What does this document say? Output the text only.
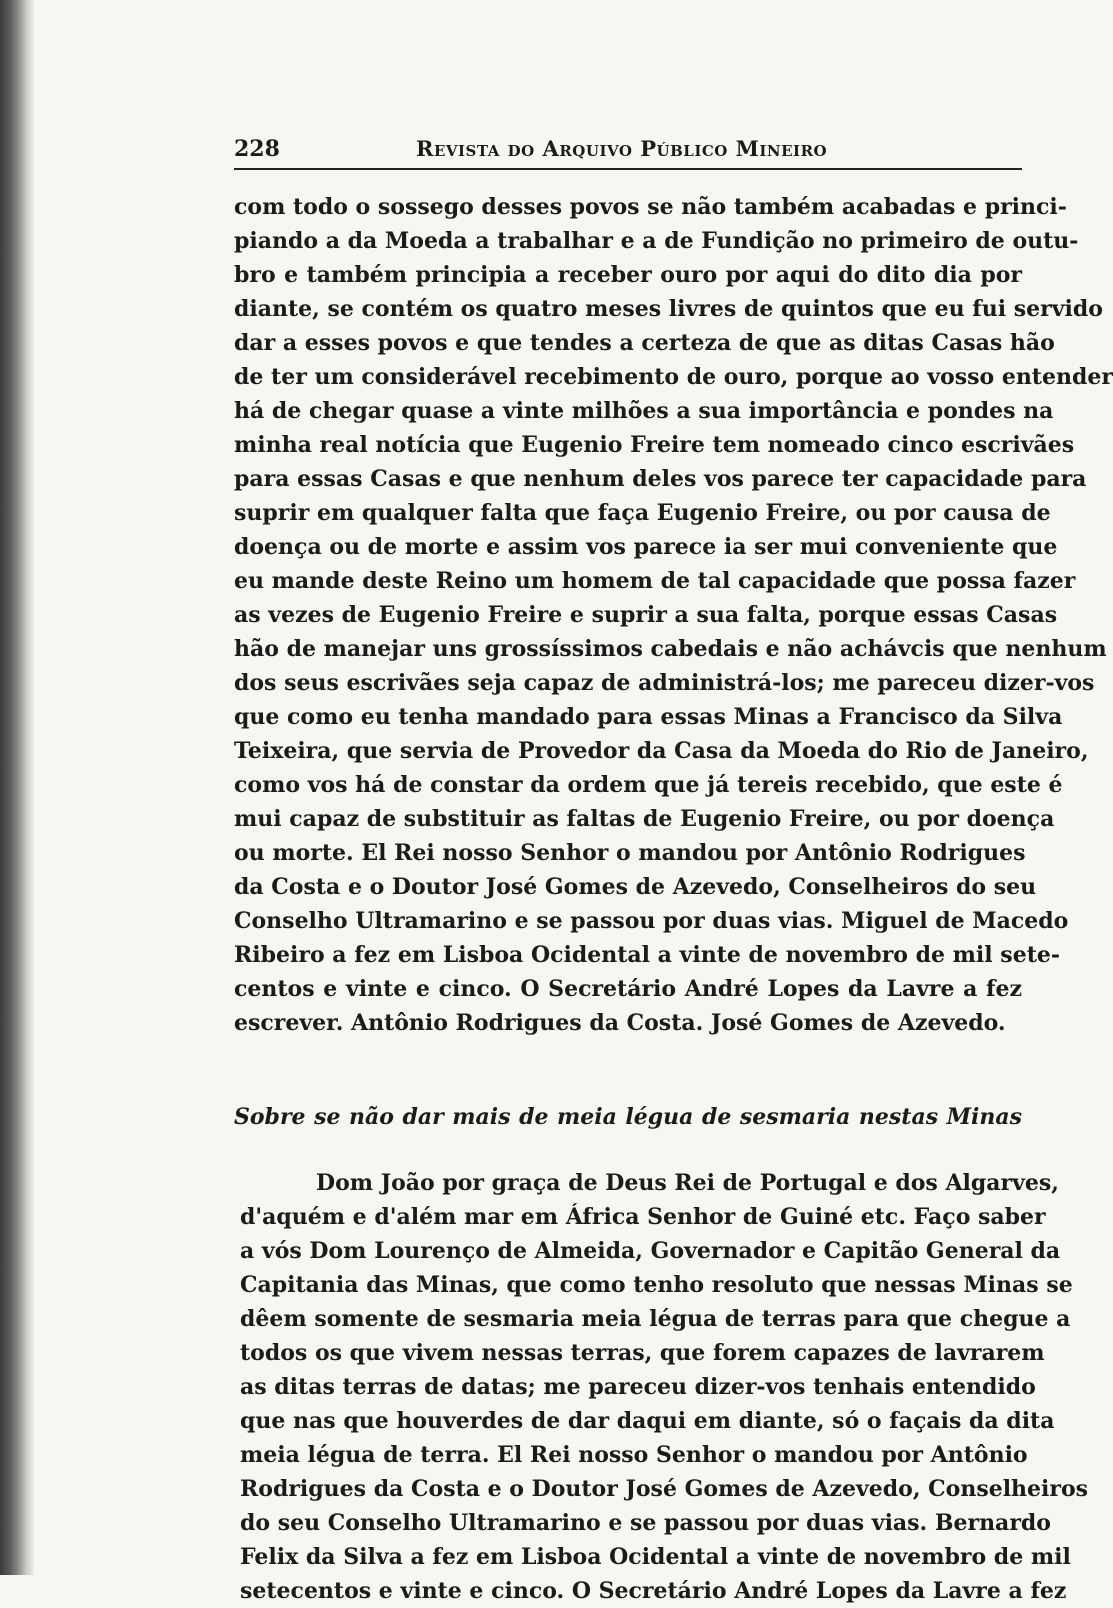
228	Revista do Arquivo Público Mineiro
com todo o sossego desses povos se não também acabadas e princi-
piando a da Moeda a trabalhar e a de Fundição no primeiro de outu-
bro e também principia a receber ouro por aqui do dito dia por
diante, se contém os quatro meses livres de quintos que eu fui servido
dar a esses povos e que tendes a certeza de que as ditas Casas hão
de ter um considerável recebimento de ouro, porque ao vosso entender
há de chegar quase a vinte milhões a sua importância e pondes na
minha real notícia que Eugenio Freire tem nomeado cinco escrivães
para essas Casas e que nenhum deles vos parece ter capacidade para
suprir em qualquer falta que faça Eugenio Freire, ou por causa de
doença ou de morte e assim vos parece ia ser mui conveniente que
eu mande deste Reino um homem de tal capacidade que possa fazer
as vezes de Eugenio Freire e suprir a sua falta, porque essas Casas
hão de manejar uns grossíssimos cabedais e não achávcis que nenhum
dos seus escrivães seja capaz de administrá-los; me pareceu dizer-vos
que como eu tenha mandado para essas Minas a Francisco da Silva
Teixeira, que servia de Provedor da Casa da Moeda do Rio de Janeiro,
como vos há de constar da ordem que já tereis recebido, que este é
mui capaz de substituir as faltas de Eugenio Freire, ou por doença
ou morte. El Rei nosso Senhor o mandou por Antônio Rodrigues
da Costa e o Doutor José Gomes de Azevedo, Conselheiros do seu
Conselho Ultramarino e se passou por duas vias. Miguel de Macedo
Ribeiro a fez em Lisboa Ocidental a vinte de novembro de mil sete-
centos e vinte e cinco. O Secretário André Lopes da Lavre a fez
escrever. Antônio Rodrigues da Costa. José Gomes de Azevedo.
Sobre se não dar mais de meia légua de sesmaria nestas Minas
Dom João por graça de Deus Rei de Portugal e dos Algarves,
d'aquém e d'além mar em África Senhor de Guiné etc. Faço saber
a vós Dom Lourenço de Almeida, Governador e Capitão General da
Capitania das Minas, que como tenho resoluto que nessas Minas se
dêem somente de sesmaria meia légua de terras para que chegue a
todos os que vivem nessas terras, que forem capazes de lavrarem
as ditas terras de datas; me pareceu dizer-vos tenhais entendido
que nas que houverdes de dar daqui em diante, só o façais da dita
meia légua de terra. El Rei nosso Senhor o mandou por Antônio
Rodrigues da Costa e o Doutor José Gomes de Azevedo, Conselheiros
do seu Conselho Ultramarino e se passou por duas vias. Bernardo
Felix da Silva a fez em Lisboa Ocidental a vinte de novembro de mil
setecentos e vinte e cinco. O Secretário André Lopes da Lavre a fez
